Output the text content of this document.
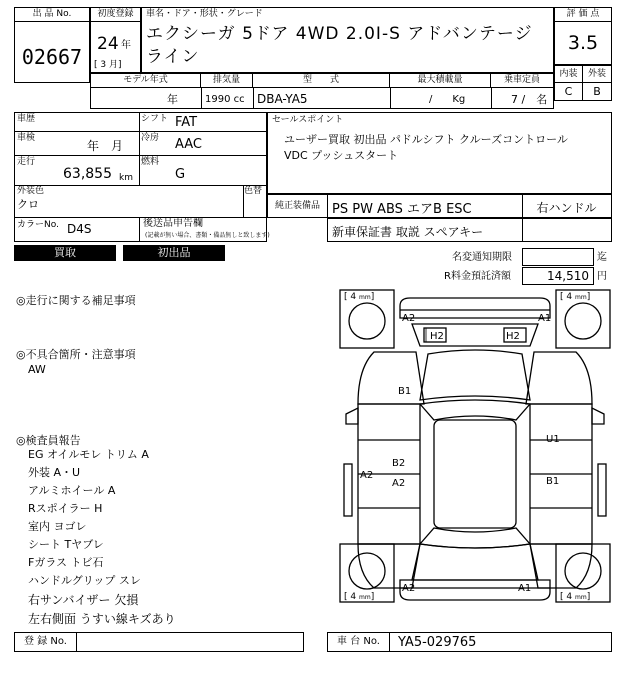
出 品 No.
02667
初度登録
24 年
[ 3 月]
車名・ドア・形状・グレード
エクシーガ 5ドア 4WD 2.0I-S アドバンテージライン
評 価 点
3.5
内装	外装
C	B
モデル年式
年
排気量
1990 cc
型　　式
DBA-YA5
最大積載量
/　　Kg
乗車定員
7 /　名
車歴	シフト FAT
車検
年　月
冷房 AAC
走行
63,855 km
燃料
G
外装色
クロ
色替
カラーNo. D4S	後送品申告欄
(記載が無い場合、書類・備品無しと致します)
セールスポイント
ユーザー買取 初出品 パドルシフト クルーズコントロール
VDC プッシュスタート
純正装備品 PS PW ABS エアB ESC	右ハンドル
新車保証書 取説 スペアキー
買取	初出品	名変通知期限	迄
R料金預託済額	14,510 円
◎走行に関する補足事項
◎不具合箇所・注意事項
AW
◎検査員報告
EG オイルモレ トリム A
外装 A・U
アルミホイール A
Rスポイラー H
室内 ヨゴレ
シート Tヤブレ
Fガラス トビ石
ハンドルグリップ スレ
右サンバイザー 欠損
左右側面 うすい線キズあり
[ 4 mm]	[ 4 mm]
[ 4 mm]	[ 4 mm]
A2	A1
H2	H2
B1
U1
A2
B2
A2	B1
A2	A1
登 録 No.	車 台 No.	YA5-029765
